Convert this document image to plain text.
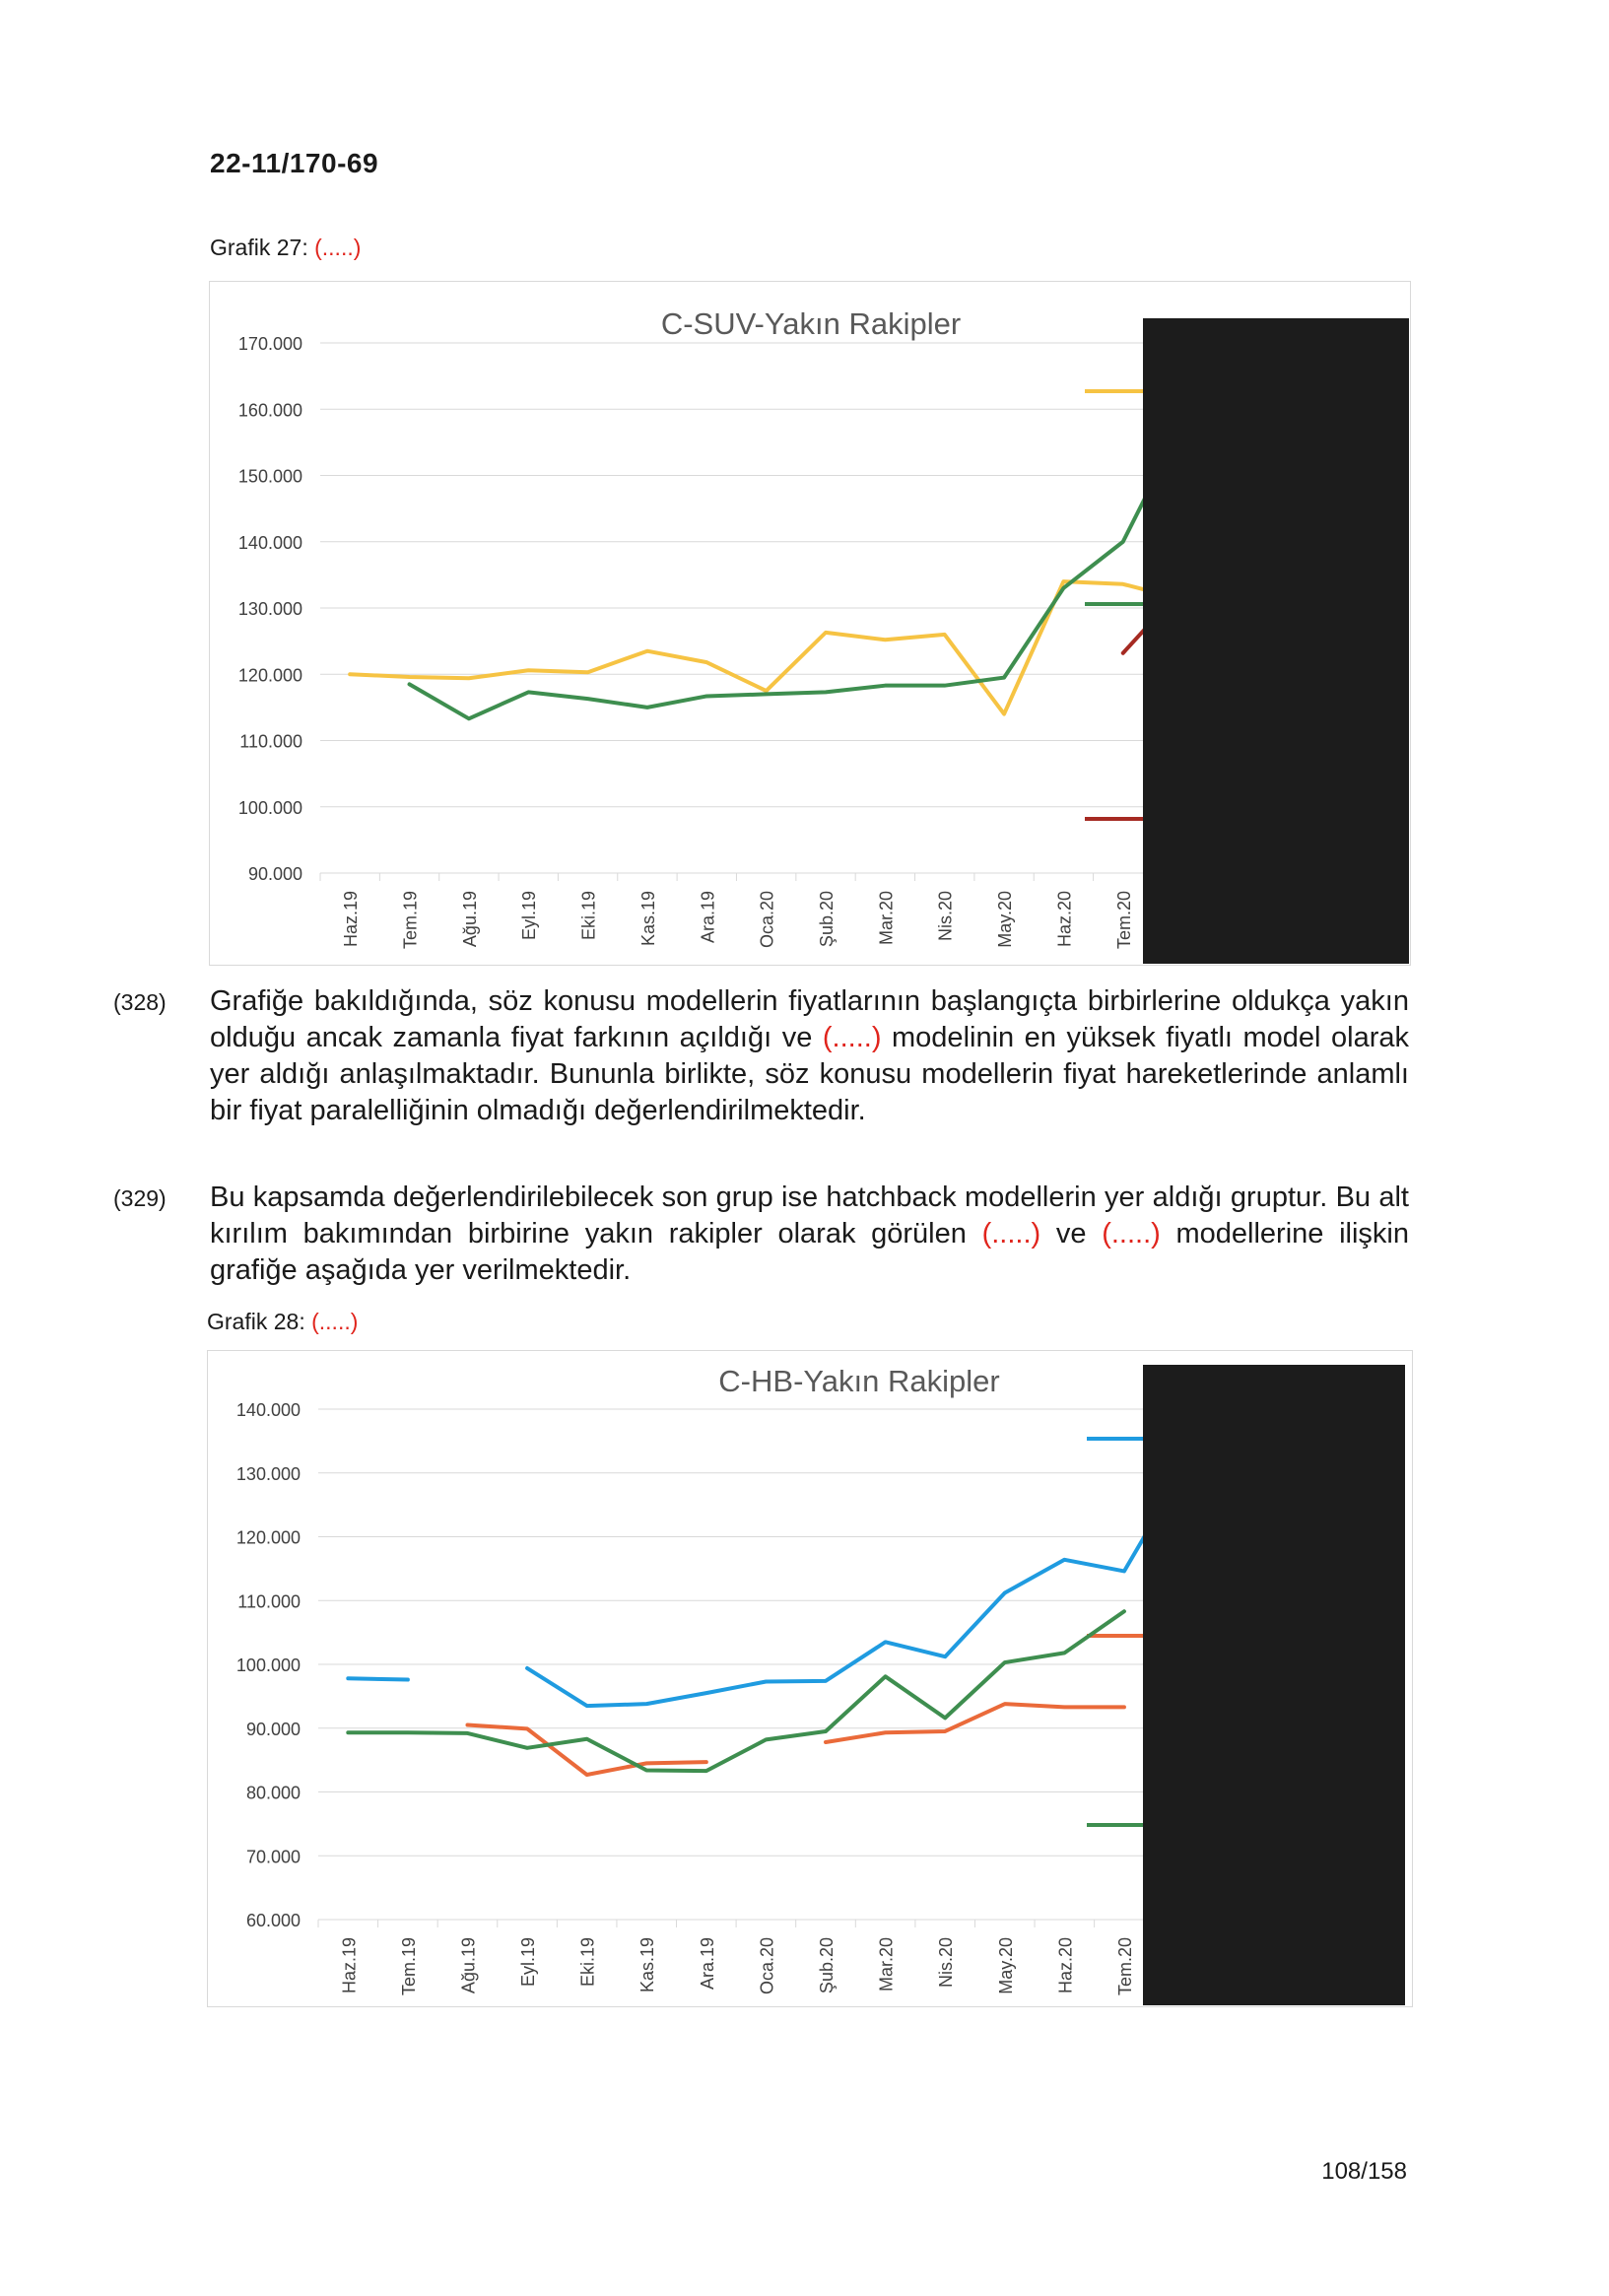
22-11/170-69
Grafik 27: (.....)
90.000
100.000
110.000
120.000
130.000
140.000
150.000
160.000
170.000
Haz.19 Tem.19 Ağu.19 Eyl.19 Eki.19 Kas.19 Ara.19 Oca.20 Şub.20 Mar.20 Nis.20 May.20 Haz.20 Tem.20
C-SUV-Yakın Rakipler
(328) Grafiğe bakıldığında, söz konusu modellerin fiyatlarının başlangıçta birbirlerine oldukça yakın olduğu ancak zamanla fiyat farkının açıldığı ve (.....) modelinin en yüksek fiyatlı model olarak yer aldığı anlaşılmaktadır. Bununla birlikte, söz konusu modellerin fiyat hareketlerinde anlamlı bir fiyat paralelliğinin olmadığı değerlendirilmektedir.
(329) Bu kapsamda değerlendirilebilecek son grup ise hatchback modellerin yer aldığı gruptur. Bu alt kırılım bakımından birbirine yakın rakipler olarak görülen (.....) ve (.....) modellerine ilişkin grafiğe aşağıda yer verilmektedir.
Grafik 28: (.....)
60.000
70.000
80.000
90.000
100.000
110.000
120.000
130.000
140.000
Haz.19 Tem.19 Ağu.19 Eyl.19 Eki.19 Kas.19 Ara.19 Oca.20 Şub.20 Mar.20 Nis.20 May.20 Haz.20 Tem.20
C-HB-Yakın Rakipler
108/158
